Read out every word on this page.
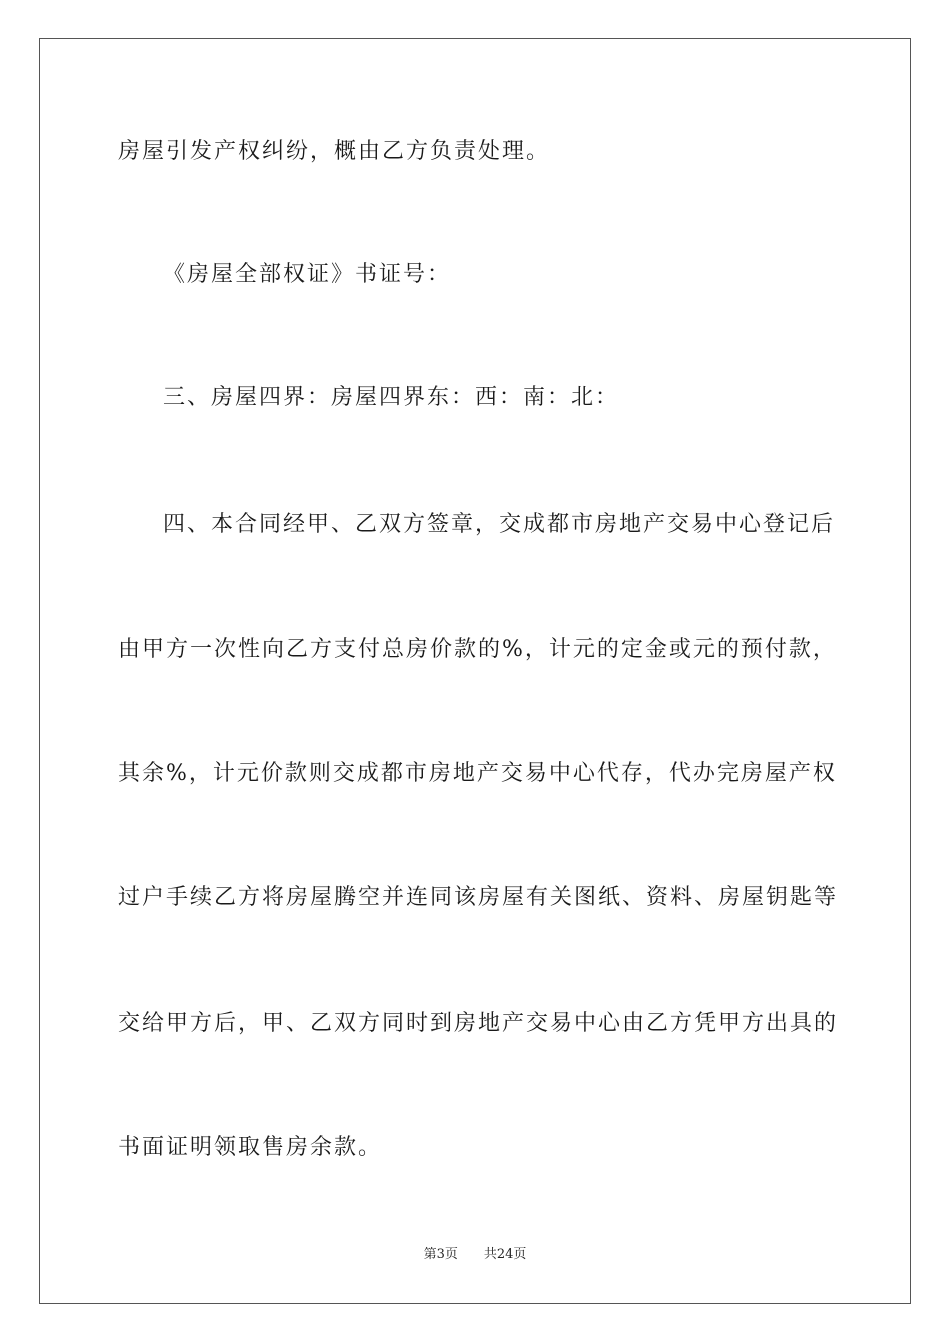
房屋引发产权纠纷，概由乙方负责处理。

《房屋全部权证》书证号：

三、房屋四界：房屋四界东：西：南：北：

四、本合同经甲、乙双方签章，交成都市房地产交易中心登记后

由甲方一次性向乙方支付总房价款的%，计元的定金或元的预付款，

其余%，计元价款则交成都市房地产交易中心代存，代办完房屋产权

过户手续乙方将房屋腾空并连同该房屋有关图纸、资料、房屋钥匙等

交给甲方后，甲、乙双方同时到房地产交易中心由乙方凭甲方出具的

书面证明领取售房余款。

第3页 共24页
